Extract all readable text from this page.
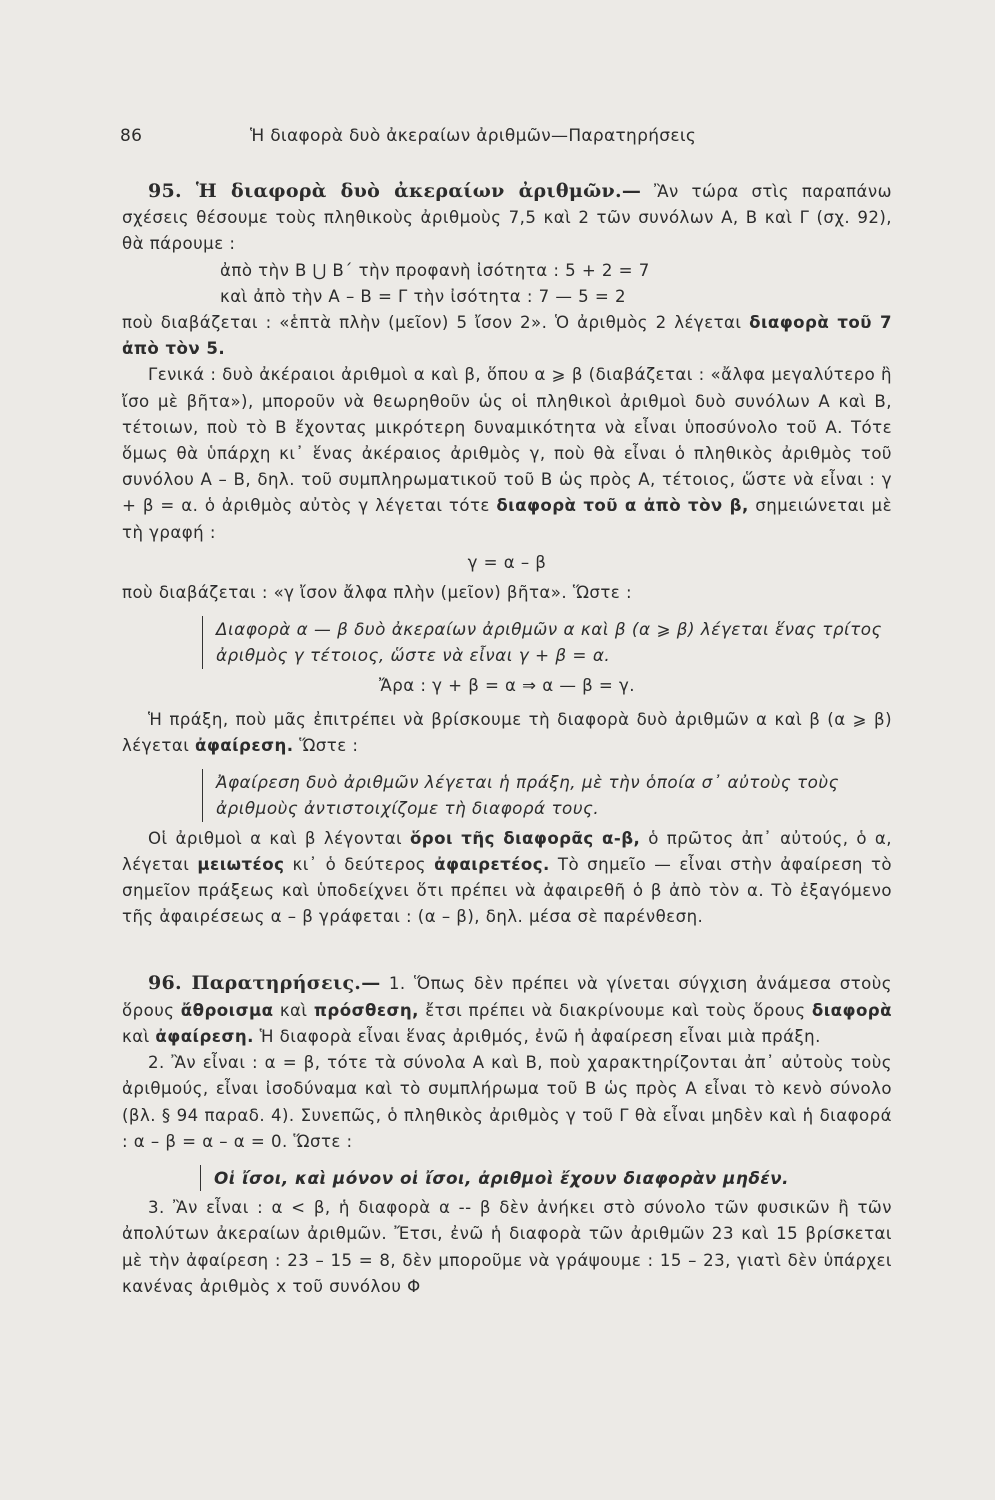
86	Ἡ διαφορὰ δυὸ ἀκεραίων ἀριθμῶν—Παρατηρήσεις

95. Ἡ διαφορὰ δυὸ ἀκεραίων ἀριθμῶν.— Ἂν τώρα στὶς παραπάνω σχέσεις θέσουμε τοὺς πληθικοὺς ἀριθμοὺς 7,5 καὶ 2 τῶν συνόλων Α, Β καὶ Γ (σχ. 92), θὰ πάρουμε :

ἀπὸ τὴν Β ⋃ Β΄ τὴν προφανὴ ἰσότητα : 5 + 2 = 7

καὶ ἀπὸ τὴν Α – Β = Γ τὴν ἰσότητα : 7 — 5 = 2

ποὺ διαβάζεται : «ἑπτὰ πλὴν (μεῖον) 5 ἴσον 2». Ὁ ἀριθμὸς 2 λέγεται διαφορὰ τοῦ 7 ἀπὸ τὸν 5.

Γενικά : δυὸ ἀκέραιοι ἀριθμοὶ α καὶ β, ὅπου α ⩾ β (διαβάζεται : «ἄλφα μεγαλύτερο ἢ ἴσο μὲ βῆτα»), μποροῦν νὰ θεωρηθοῦν ὡς οἱ πληθικοὶ ἀριθμοὶ δυὸ συνόλων Α καὶ Β, τέτοιων, ποὺ τὸ Β ἔχοντας μικρότερη δυναμικότητα νὰ εἶναι ὑποσύνολο τοῦ Α. Τότε ὅμως θὰ ὑπάρχη κι᾿ ἕνας ἀκέραιος ἀριθμὸς γ, ποὺ θὰ εἶναι ὁ πληθικὸς ἀριθμὸς τοῦ συνόλου Α – Β, δηλ. τοῦ συμπληρωματικοῦ τοῦ Β ὡς πρὸς Α, τέτοιος, ὥστε νὰ εἶναι : γ + β = α. ὁ ἀριθμὸς αὐτὸς γ λέγεται τότε διαφορὰ τοῦ α ἀπὸ τὸν β, σημειώνεται μὲ τὴ γραφή :

γ = α – β

ποὺ διαβάζεται : «γ ἴσον ἄλφα πλὴν (μεῖον) βῆτα». Ὥστε :

Διαφορὰ α — β δυὸ ἀκεραίων ἀριθμῶν α καὶ β (α ⩾ β) λέγεται ἕνας τρίτος ἀριθμὸς γ τέτοιος, ὥστε νὰ εἶναι γ + β = α.

Ἄρα : γ + β = α ⇒ α — β = γ.

Ἡ πράξη, ποὺ μᾶς ἐπιτρέπει νὰ βρίσκουμε τὴ διαφορὰ δυὸ ἀριθμῶν α καὶ β (α ⩾ β) λέγεται ἀφαίρεση. Ὥστε :

Ἀφαίρεση δυὸ ἀριθμῶν λέγεται ἡ πράξη, μὲ τὴν ὁποία σ᾿ αὐτοὺς τοὺς ἀριθμοὺς ἀντιστοιχίζομε τὴ διαφορά τους.

Οἱ ἀριθμοὶ α καὶ β λέγονται ὅροι τῆς διαφορᾶς α-β, ὁ πρῶτος ἀπ᾿ αὐτούς, ὁ α, λέγεται μειωτέος κι᾿ ὁ δεύτερος ἀφαιρετέος. Τὸ σημεῖο — εἶναι στὴν ἀφαίρεση τὸ σημεῖον πράξεως καὶ ὑποδείχνει ὅτι πρέπει νὰ ἀφαιρεθῆ ὁ β ἀπὸ τὸν α. Τὸ ἐξαγόμενο τῆς ἀφαιρέσεως α – β γράφεται : (α – β), δηλ. μέσα σὲ παρένθεση.

96. Παρατηρήσεις.— 1. Ὅπως δὲν πρέπει νὰ γίνεται σύγχιση ἀνάμεσα στοὺς ὅρους ἄθροισμα καὶ πρόσθεση, ἔτσι πρέπει νὰ διακρίνουμε καὶ τοὺς ὅρους διαφορὰ καὶ ἀφαίρεση. Ἡ διαφορὰ εἶναι ἕνας ἀριθμός, ἐνῶ ἡ ἀφαίρεση εἶναι μιὰ πράξη.

2. Ἂν εἶναι : α = β, τότε τὰ σύνολα Α καὶ Β, ποὺ χαρακτηρίζονται ἀπ᾿ αὐτοὺς τοὺς ἀριθμούς, εἶναι ἰσοδύναμα καὶ τὸ συμπλήρωμα τοῦ Β ὡς πρὸς Α εἶναι τὸ κενὸ σύνολο (βλ. § 94 παραδ. 4). Συνεπῶς, ὁ πληθικὸς ἀριθμὸς γ τοῦ Γ θὰ εἶναι μηδὲν καὶ ἡ διαφορά : α – β = α – α = 0. Ὥστε :

Οἱ ἴσοι, καὶ μόνον οἱ ἴσοι, ἀριθμοὶ ἔχουν διαφορὰν μηδέν.

3. Ἂν εἶναι : α < β, ἡ διαφορὰ α -- β δὲν ἀνήκει στὸ σύνολο τῶν φυσικῶν ἢ τῶν ἀπολύτων ἀκεραίων ἀριθμῶν. Ἔτσι, ἐνῶ ἡ διαφορὰ τῶν ἀριθμῶν 23 καὶ 15 βρίσκεται μὲ τὴν ἀφαίρεση : 23 – 15 = 8, δὲν μποροῦμε νὰ γράψουμε : 15 – 23, γιατὶ δὲν ὑπάρχει κανένας ἀριθμὸς x τοῦ συνόλου Φ
